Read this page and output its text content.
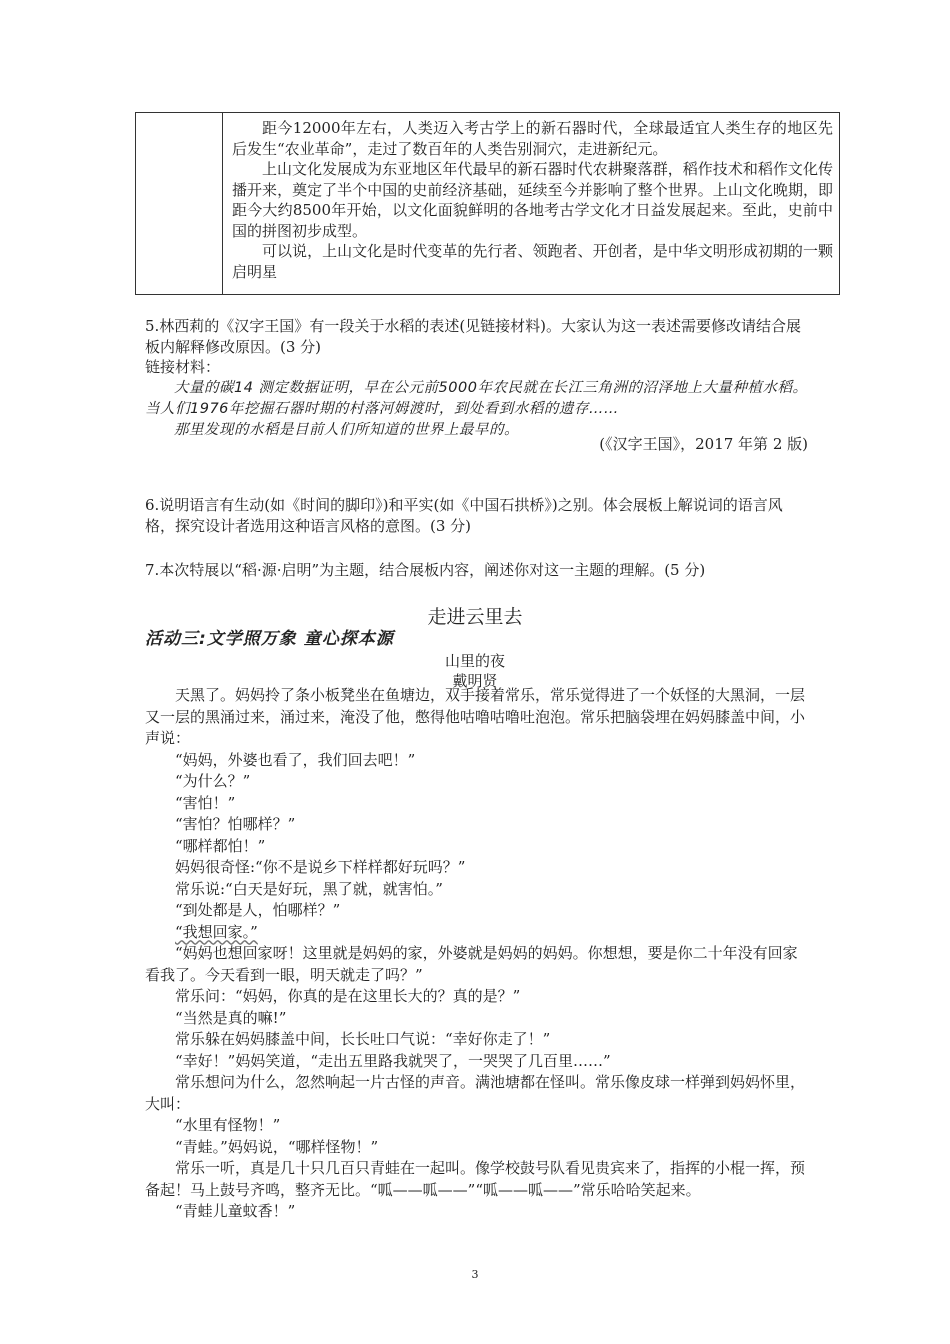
距今12000年左右，人类迈入考古学上的新石器时代，全球最适宜人类生存的地区先后发生“农业革命”，走过了数百年的人类告别洞穴，走进新纪元。

上山文化发展成为东亚地区年代最早的新石器时代农耕聚落群，稻作技术和稻作文化传播开来，奠定了半个中国的史前经济基础，延续至今并影响了整个世界。上山文化晚期，即距今大约8500年开始，以文化面貌鲜明的各地考古学文化才日益发展起来。至此，史前中国的拼图初步成型。

可以说，上山文化是时代变革的先行者、领跑者、开创者，是中华文明形成初期的一颗启明星

5.林西莉的《汉字王国》有一段关于水稻的表述(见链接材料)。大家认为这一表述需要修改请结合展板内解释修改原因。(3 分)

链接材料：

大量的碳14 测定数据证明，早在公元前5000年农民就在长江三角洲的沼泽地上大量种植水稻。当人们1976年挖掘石器时期的村落河姆渡时，到处看到水稻的遗存……

那里发现的水稻是目前人们所知道的世界上最早的。

(《汉字王国》，2017 年第 2 版)

6.说明语言有生动(如《时间的脚印》)和平实(如《中国石拱桥》)之别。体会展板上解说词的语言风格，探究设计者选用这种语言风格的意图。(3 分)

7.本次特展以“稻·源·启明”为主题，结合展板内容，阐述你对这一主题的理解。(5 分)

走进云里去
活动三:文学照万象 童心探本源
山里的夜
戴明贤

天黑了。妈妈拎了条小板凳坐在鱼塘边，双手接着常乐，常乐觉得进了一个妖怪的大黑洞，一层又一层的黑涌过来，涌过来，淹没了他，憋得他咕噜咕噜吐泡泡。常乐把脑袋埋在妈妈膝盖中间，小声说：

“妈妈，外婆也看了，我们回去吧！”

“为什么？”

“害怕！”

“害怕？怕哪样？”

“哪样都怕！”

妈妈很奇怪:“你不是说乡下样样都好玩吗？”

常乐说:“白天是好玩，黑了就，就害怕。”

“到处都是人，怕哪样？”

“我想回家。”

“妈妈也想回家呀！这里就是妈妈的家，外婆就是妈妈的妈妈。你想想，要是你二十年没有回家看我了。今天看到一眼，明天就走了吗？”

常乐问：“妈妈，你真的是在这里长大的？真的是？”

“当然是真的嘛!”

常乐躲在妈妈膝盖中间，长长吐口气说：“幸好你走了！”

“幸好！”妈妈笑道，“走出五里路我就哭了，一哭哭了几百里……”

常乐想问为什么，忽然响起一片古怪的声音。满池塘都在怪叫。常乐像皮球一样弹到妈妈怀里，大叫：

“水里有怪物！”

“青蛙。”妈妈说，“哪样怪物！”

常乐一听，真是几十只几百只青蛙在一起叫。像学校鼓号队看见贵宾来了，指挥的小棍一挥，预备起！马上鼓号齐鸣，整齐无比。“呱——呱——”“呱——呱——”常乐哈哈笑起来。

“青蛙儿童蚊香！”

3
